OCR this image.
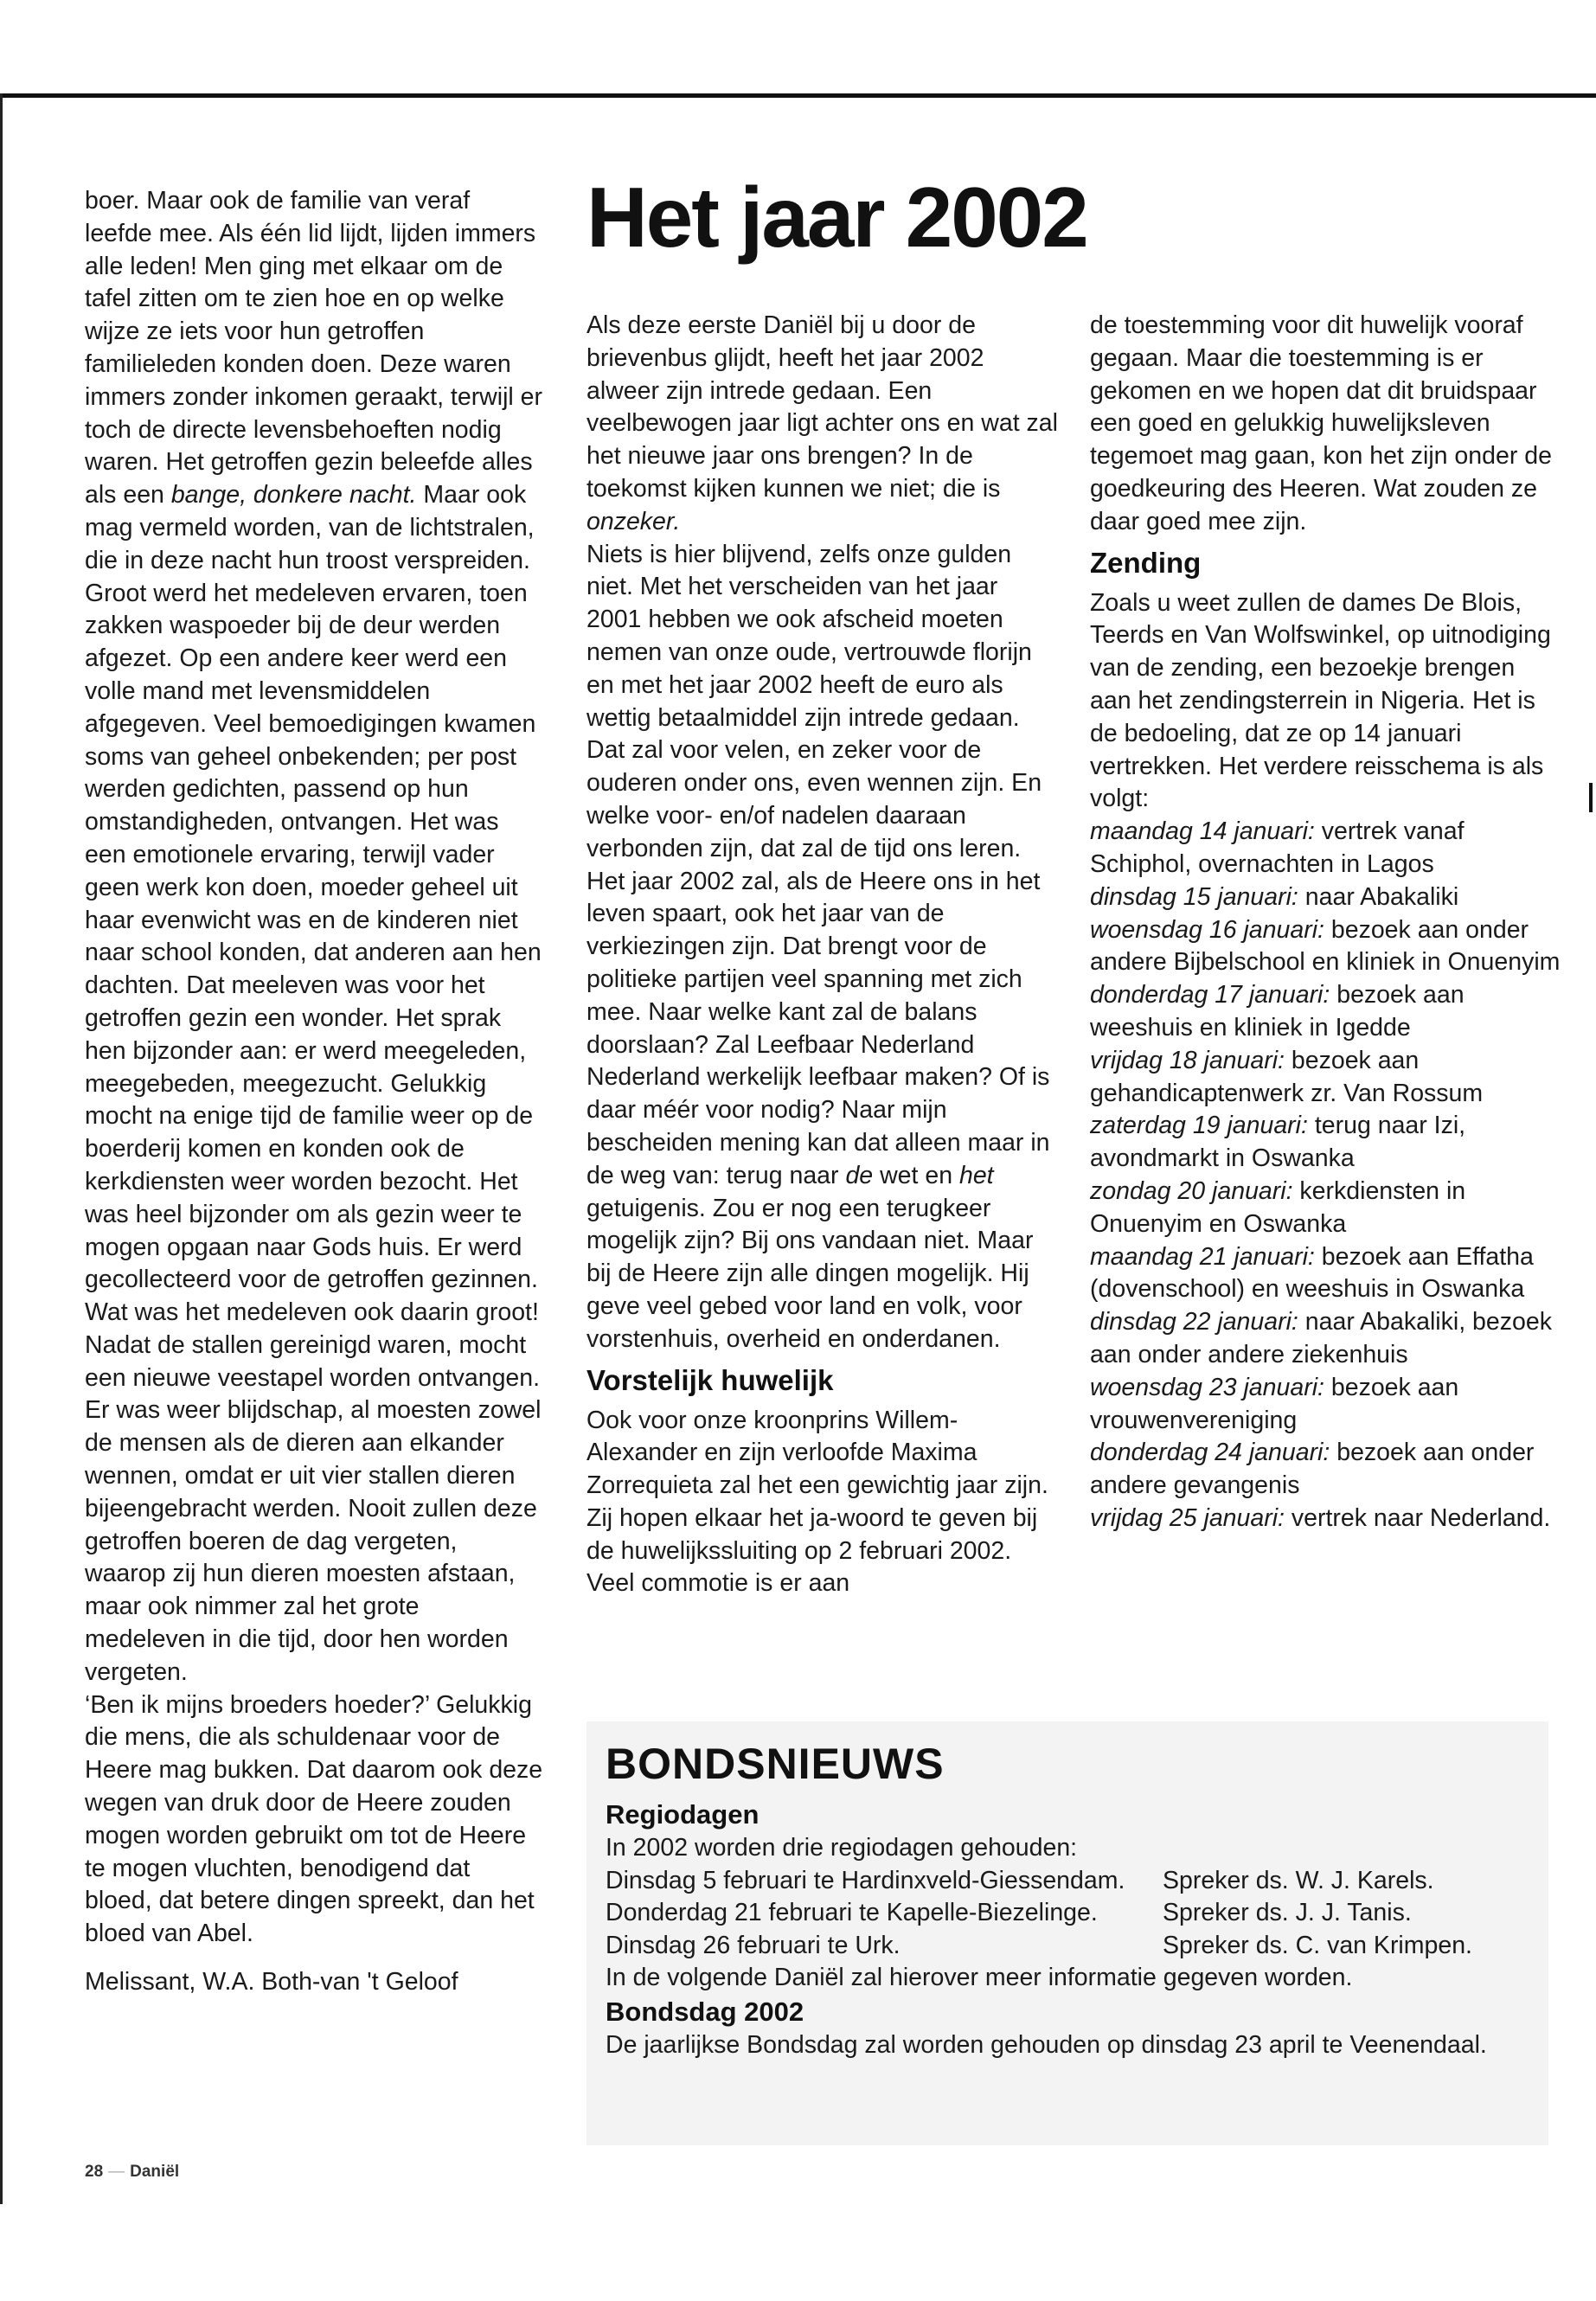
boer. Maar ook de familie van veraf leefde mee. Als één lid lijdt, lijden immers alle leden! Men ging met elkaar om de tafel zitten om te zien hoe en op welke wijze ze iets voor hun getroffen familieleden konden doen. Deze waren immers zonder inkomen geraakt, terwijl er toch de directe levensbehoeften nodig waren. Het getroffen gezin beleefde alles als een bange, donkere nacht. Maar ook mag vermeld worden, van de lichtstralen, die in deze nacht hun troost verspreiden.

Groot werd het medeleven ervaren, toen zakken waspoeder bij de deur werden afgezet. Op een andere keer werd een volle mand met levensmiddelen afgegeven. Veel bemoedigingen kwamen soms van geheel onbekenden; per post werden gedichten, passend op hun omstandigheden, ontvangen. Het was een emotionele ervaring, terwijl vader geen werk kon doen, moeder geheel uit haar evenwicht was en de kinderen niet naar school konden, dat anderen aan hen dachten. Dat meeleven was voor het getroffen gezin een wonder. Het sprak hen bijzonder aan: er werd meegeleden, meegebeden, meegezucht. Gelukkig mocht na enige tijd de familie weer op de boerderij komen en konden ook de kerkdiensten weer worden bezocht. Het was heel bijzonder om als gezin weer te mogen opgaan naar Gods huis. Er werd gecollecteerd voor de getroffen gezinnen. Wat was het medeleven ook daarin groot!

Nadat de stallen gereinigd waren, mocht een nieuwe veestapel worden ontvangen. Er was weer blijdschap, al moesten zowel de mensen als de dieren aan elkander wennen, omdat er uit vier stallen dieren bijeengebracht werden. Nooit zullen deze getroffen boeren de dag vergeten, waarop zij hun dieren moesten afstaan, maar ook nimmer zal het grote medeleven in die tijd, door hen worden vergeten.

‘Ben ik mijns broeders hoeder?’ Gelukkig die mens, die als schuldenaar voor de Heere mag bukken. Dat daarom ook deze wegen van druk door de Heere zouden mogen worden gebruikt om tot de Heere te mogen vluchten, benodigend dat bloed, dat betere dingen spreekt, dan het bloed van Abel.

Melissant, W.A. Both-van 't Geloof

Het jaar 2002

Als deze eerste Daniël bij u door de brievenbus glijdt, heeft het jaar 2002 alweer zijn intrede gedaan. Een veelbewogen jaar ligt achter ons en wat zal het nieuwe jaar ons brengen? In de toekomst kijken kunnen we niet; die is onzeker.

Niets is hier blijvend, zelfs onze gulden niet. Met het verscheiden van het jaar 2001 hebben we ook afscheid moeten nemen van onze oude, vertrouwde florijn en met het jaar 2002 heeft de euro als wettig betaalmiddel zijn intrede gedaan. Dat zal voor velen, en zeker voor de ouderen onder ons, even wennen zijn. En welke voor- en/of nadelen daaraan verbonden zijn, dat zal de tijd ons leren. Het jaar 2002 zal, als de Heere ons in het leven spaart, ook het jaar van de verkiezingen zijn. Dat brengt voor de politieke partijen veel spanning met zich mee. Naar welke kant zal de balans doorslaan? Zal Leefbaar Nederland Nederland werkelijk leefbaar maken? Of is daar méér voor nodig? Naar mijn bescheiden mening kan dat alleen maar in de weg van: terug naar de wet en het getuigenis. Zou er nog een terugkeer mogelijk zijn? Bij ons vandaan niet. Maar bij de Heere zijn alle dingen mogelijk. Hij geve veel gebed voor land en volk, voor vorstenhuis, overheid en onderdanen.

Vorstelijk huwelijk

Ook voor onze kroonprins Willem-Alexander en zijn verloofde Maxima Zorrequieta zal het een gewichtig jaar zijn. Zij hopen elkaar het ja-woord te geven bij de huwelijkssluiting op 2 februari 2002. Veel commotie is er aan

de toestemming voor dit huwelijk vooraf gegaan. Maar die toestemming is er gekomen en we hopen dat dit bruidspaar een goed en gelukkig huwelijksleven tegemoet mag gaan, kon het zijn onder de goedkeuring des Heeren. Wat zouden ze daar goed mee zijn.

Zending

Zoals u weet zullen de dames De Blois, Teerds en Van Wolfswinkel, op uitnodiging van de zending, een bezoekje brengen aan het zendingsterrein in Nigeria. Het is de bedoeling, dat ze op 14 januari vertrekken. Het verdere reisschema is als volgt:

maandag 14 januari: vertrek vanaf Schiphol, overnachten in Lagos

dinsdag 15 januari: naar Abakaliki

woensdag 16 januari: bezoek aan onder andere Bijbelschool en kliniek in Onuenyim

donderdag 17 januari: bezoek aan weeshuis en kliniek in Igedde

vrijdag 18 januari: bezoek aan gehandicaptenwerk zr. Van Rossum

zaterdag 19 januari: terug naar Izi, avondmarkt in Oswanka

zondag 20 januari: kerkdiensten in Onuenyim en Oswanka

maandag 21 januari: bezoek aan Effatha (dovenschool) en weeshuis in Oswanka

dinsdag 22 januari: naar Abakaliki, bezoek aan onder andere ziekenhuis

woensdag 23 januari: bezoek aan vrouwenvereniging

donderdag 24 januari: bezoek aan onder andere gevangenis

vrijdag 25 januari: vertrek naar Nederland.

BONDSNIEUWS
Regiodagen

In 2002 worden drie regiodagen gehouden:

Dinsdag 5 februari te Hardinxveld-Giessendam.	Spreker ds. W. J. Karels.
Donderdag 21 februari te Kapelle-Biezelinge.	Spreker ds. J. J. Tanis.
Dinsdag 26 februari te Urk.	Spreker ds. C. van Krimpen.

In de volgende Daniël zal hierover meer informatie gegeven worden.

Bondsdag 2002

De jaarlijkse Bondsdag zal worden gehouden op dinsdag 23 april te Veenendaal.

28 — Daniël
